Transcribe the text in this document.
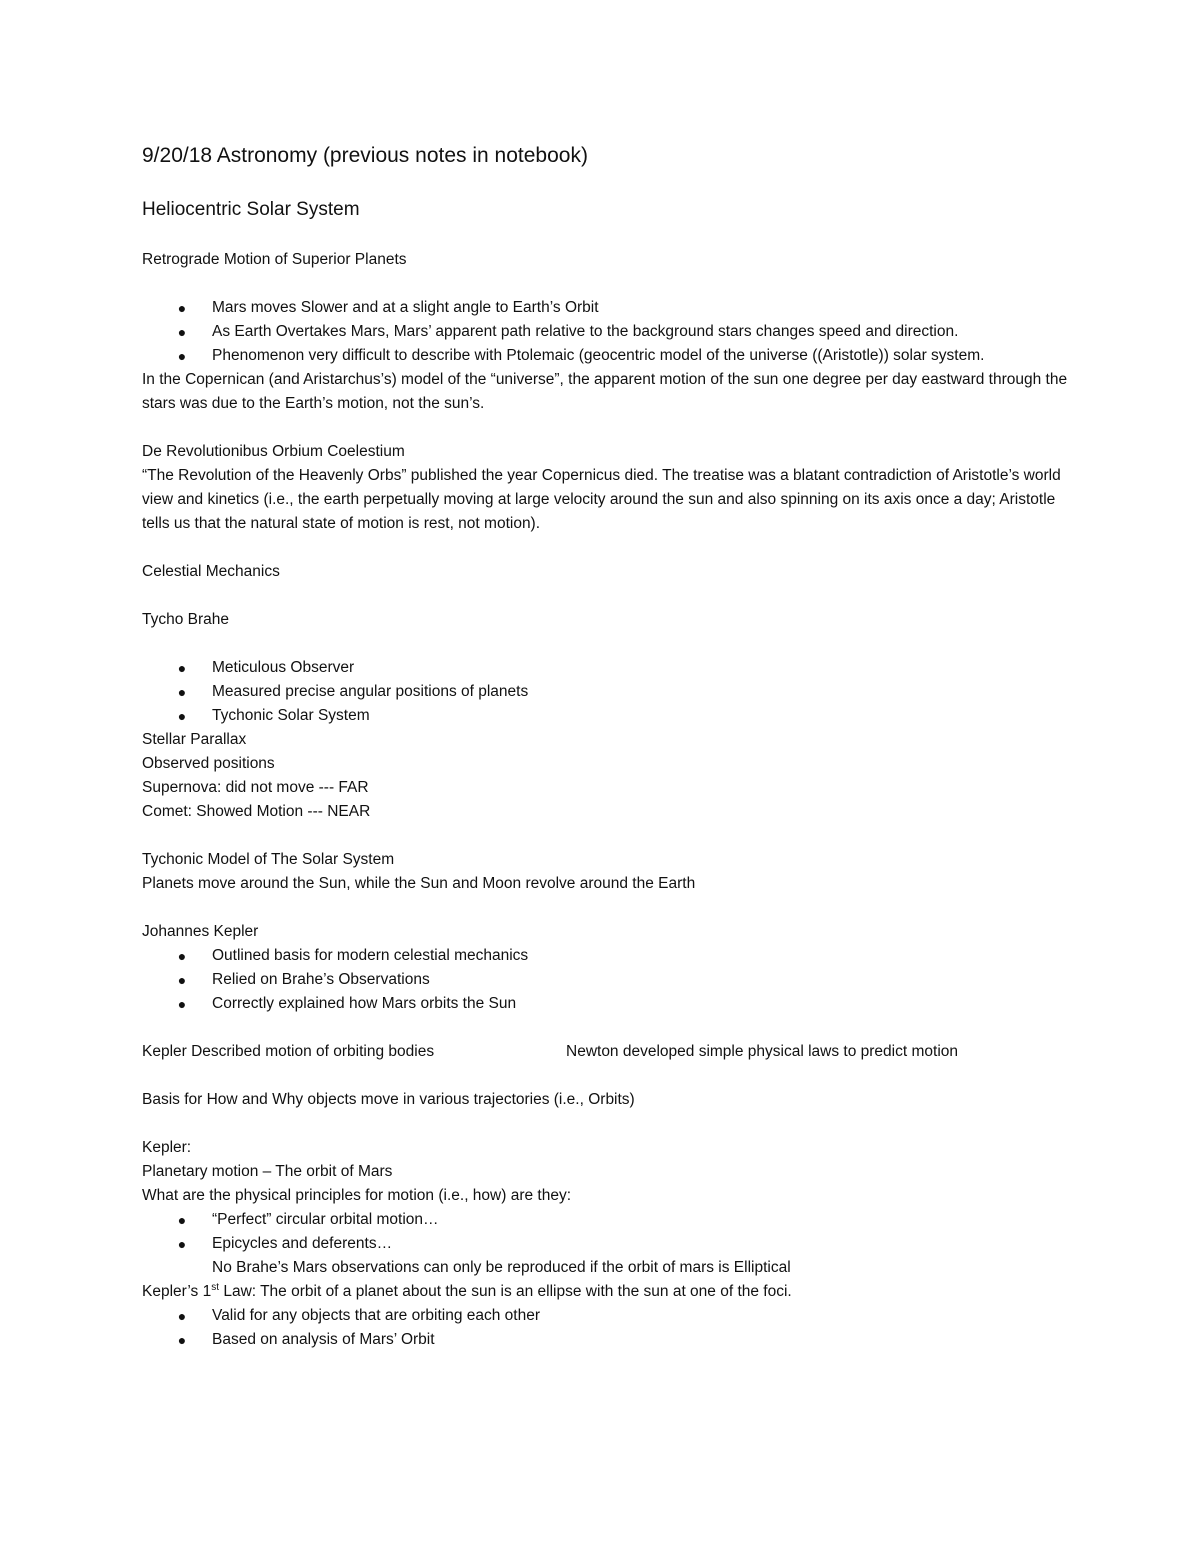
9/20/18 Astronomy (previous notes in notebook)
Heliocentric Solar System
Retrograde Motion of Superior Planets
● Mars moves Slower and at a slight angle to Earth’s Orbit
● As Earth Overtakes Mars, Mars’ apparent path relative to the background stars changes speed and direction.
● Phenomenon very difficult to describe with Ptolemaic (geocentric model of the universe ((Aristotle)) solar system.
In the Copernican (and Aristarchus’s) model of the “universe”, the apparent motion of the sun one degree per day eastward through the stars was due to the Earth’s motion, not the sun’s.
De Revolutionibus Orbium Coelestium
“The Revolution of the Heavenly Orbs” published the year Copernicus died. The treatise was a blatant contradiction of Aristotle’s world view and kinetics (i.e., the earth perpetually moving at large velocity around the sun and also spinning on its axis once a day; Aristotle tells us that the natural state of motion is rest, not motion).
Celestial Mechanics
Tycho Brahe
● Meticulous Observer
● Measured precise angular positions of planets
● Tychonic Solar System
Stellar Parallax
Observed positions
Supernova: did not move --- FAR
Comet: Showed Motion --- NEAR
Tychonic Model of The Solar System
Planets move around the Sun, while the Sun and Moon revolve around the Earth
Johannes Kepler
● Outlined basis for modern celestial mechanics
● Relied on Brahe’s Observations
● Correctly explained how Mars orbits the Sun
Kepler Described motion of orbiting bodies	Newton developed simple physical laws to predict motion
Basis for How and Why objects move in various trajectories (i.e., Orbits)
Kepler:
Planetary motion – The orbit of Mars
What are the physical principles for motion (i.e., how) are they:
● “Perfect” circular orbital motion…
● Epicycles and deferents…
No Brahe’s Mars observations can only be reproduced if the orbit of mars is Elliptical
Kepler’s 1st Law: The orbit of a planet about the sun is an ellipse with the sun at one of the foci.
● Valid for any objects that are orbiting each other
● Based on analysis of Mars’ Orbit
